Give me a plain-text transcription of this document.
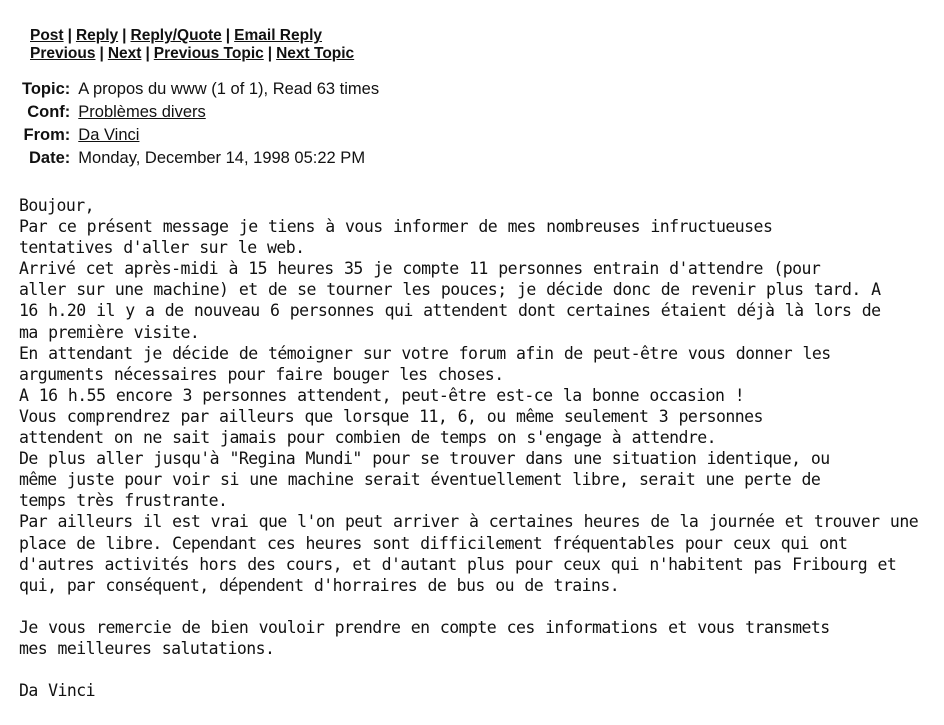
Post | Reply | Reply/Quote | Email Reply
Previous | Next | Previous Topic | Next Topic
Topic:	A propos du www (1 of 1), Read 63 times
Conf:	Problèmes divers
From:	Da Vinci
Date:	Monday, December 14, 1998 05:22 PM

Boujour,

Par ce présent message je tiens à vous informer de mes nombreuses infructueuses

tentatives d'aller sur le web.

Arrivé cet après-midi à 15 heures 35 je compte 11 personnes entrain d'attendre (pour

aller sur une machine) et de se tourner les pouces; je décide donc de revenir plus tard. A

16 h.20 il y a de nouveau 6 personnes qui attendent dont certaines étaient déjà là lors de

ma première visite.

En attendant je décide de témoigner sur votre forum afin de peut-être vous donner les

arguments nécessaires pour faire bouger les choses.

A 16 h.55 encore 3 personnes attendent, peut-être est-ce la bonne occasion !

Vous comprendrez par ailleurs que lorsque 11, 6, ou même seulement 3 personnes

attendent on ne sait jamais pour combien de temps on s'engage à attendre.

De plus aller jusqu'à "Regina Mundi" pour se trouver dans une situation identique, ou

même juste pour voir si une machine serait éventuellement libre, serait une perte de

temps très frustrante.

Par ailleurs il est vrai que l'on peut arriver à certaines heures de la journée et trouver une

place de libre. Cependant ces heures sont difficilement fréquentables pour ceux qui ont

d'autres activités hors des cours, et d'autant plus pour ceux qui n'habitent pas Fribourg et

qui, par conséquent, dépendent d'horraires de bus ou de trains.

Je vous remercie de bien vouloir prendre en compte ces informations et vous transmets

mes meilleures salutations.

Da Vinci
